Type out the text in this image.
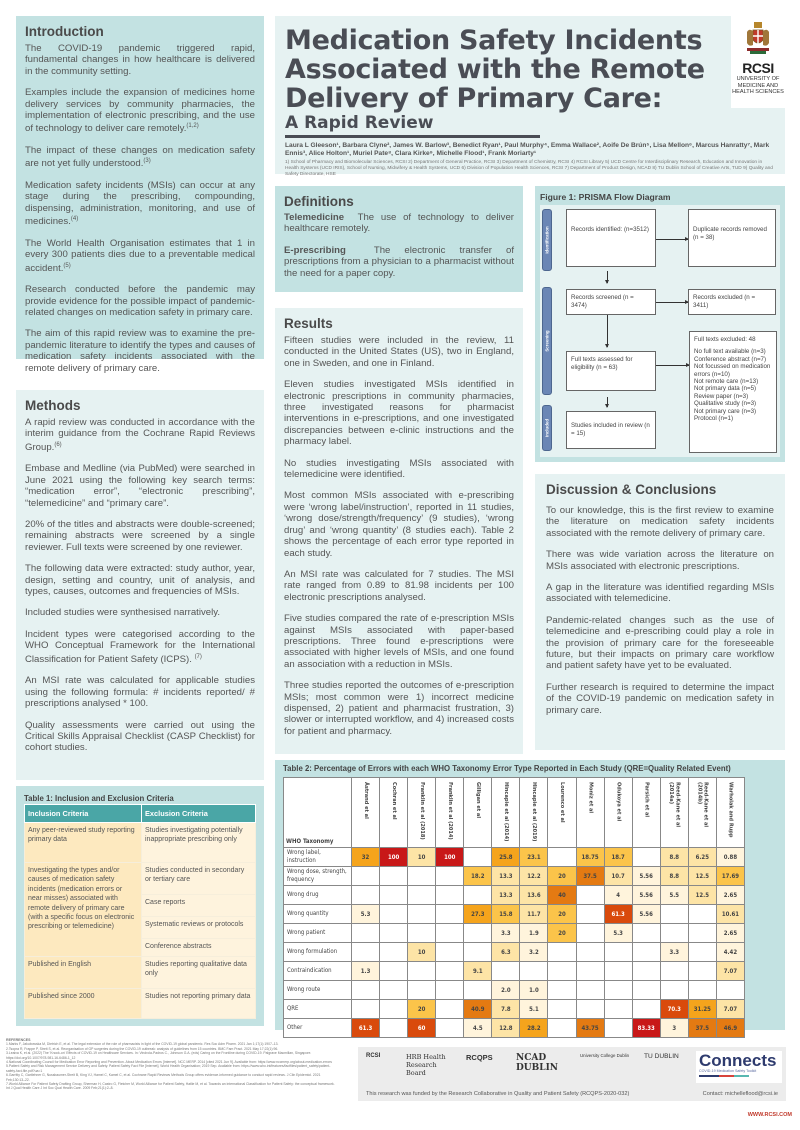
Introduction

The COVID-19 pandemic triggered rapid, fundamental changes in how healthcare is delivered in the community setting.

Examples include the expansion of medicines home delivery services by community pharmacies, the implementation of electronic prescribing, and the use of technology to deliver care remotely.$^{(1,2)}$

The impact of these changes on medication safety are not yet fully understood.$^{(3)}$

Medication safety incidents (MSIs) can occur at any stage during the prescribing, compounding, dispensing, administration, monitoring, and use of medicines.$^{(4)}$

The World Health Organisation estimates that 1 in every 300 patients dies due to a preventable medical accident.$^{(5)}$

Research conducted before the pandemic may provide evidence for the possible impact of pandemic-related changes on medication safety in primary care.

The aim of this rapid review was to examine the pre-pandemic literature to identify the types and causes of medication safety incidents associated with the remote delivery of primary care.

Methods

A rapid review was conducted in accordance with the interim guidance from the Cochrane Rapid Reviews Group.$^{(6)}$

Embase and Medline (via PubMed) were searched in June 2021 using the following key search terms: “medication error”, “electronic prescribing”, “telemedicine” and “primary care”.

20% of the titles and abstracts were double-screened; remaining abstracts were screened by a single reviewer. Full texts were screened by one reviewer.

The following data were extracted: study author, year, design, setting and country, unit of analysis, and types, causes, outcomes and frequencies of MSIs.

Included studies were synthesised narratively.

Incident types were categorised according to the WHO Conceptual Framework for the International Classification for Patient Safety (ICPS). $^{(7)}$

An MSI rate was calculated for applicable studies using the following formula: # incidents reported/ # prescriptions analysed * 100.

Quality assessments were carried out using the Critical Skills Appraisal Checklist (CASP Checklist) for cohort studies.

Table 1: Inclusion and Exclusion Criteria
Inclusion Criteria	Exclusion Criteria
Any peer-reviewed study reporting primary data	Studies investigating potentially inappropriate prescribing only
Investigating the types and/or causes of medication safety incidents (medication errors or near misses) associated with remote delivery of primary care (with a specific focus on electronic prescribing or telemedicine)	Studies conducted in secondary or tertiary care
	Case reports
	Systematic reviews or protocols
	Conference abstracts
Published in English	Studies reporting qualitative data only
Published since 2000	Studies not reporting primary data
Medication Safety Incidents Associated with the Remote Delivery of Primary Care:
A Rapid Review
Laura L Gleeson¹, Barbara Clyne², James W. Barlow³, Benedict Ryan¹, Paul Murphy⁴, Emma Wallace², Aoife De Brún⁵, Lisa Mellon⁶, Marcus Hanratty⁷, Mark Ennis³, Alice Holton¹, Muriel Pate⁸, Clara Kirke⁹, Michelle Flood¹, Frank Moriarty¹
1) School of Pharmacy and Biomolecular Sciences, RCSI 2) Department of General Practice, RCSI 3) Department of Chemistry, RCSI 4) RCSI Library 5) UCD Centre for Interdisciplinary Research, Education and Innovation in Health Systems (UCD IRIS), School of Nursing, Midwifery & Health Systems, UCD 6) Division of Population Health Sciences, RCSI 7) Department of Product Design, NCAD 8) TU Dublin School of Creative Arts, TUD 9) Quality and Safety Directorate, HSE
RCSI
UNIVERSITY OF MEDICINE AND HEALTH SCIENCES
Definitions

Telemedicine The use of technology to deliver healthcare remotely.

E-prescribing	The electronic transfer of prescriptions from a physician to a pharmacist without the need for a paper copy.

Results

Fifteen studies were included in the review, 11 conducted in the United States (US), two in England, one in Sweden, and one in Finland.

Eleven studies investigated MSIs identified in electronic prescriptions in community pharmacies, three investigated reasons for pharmacist interventions in e-prescriptions, and one investigated discrepancies between e-clinic instructions and the pharmacy label.

No studies investigating MSIs associated with telemedicine were identified.

Most common MSIs associated with e-prescribing were ‘wrong label/instruction’, reported in 11 studies, ‘wrong dose/strength/frequency’ (9 studies), ‘wrong drug’ and ‘wrong quantity’ (8 studies each). Table 2 shows the percentage of each error type reported in each study.

An MSI rate was calculated for 7 studies. The MSI rate ranged from 0.89 to 81.98 incidents per 100 electronic prescriptions analysed.

Five studies compared the rate of e-prescription MSIs against MSIs associated with paper-based prescriptions. Three found e-prescriptions were associated with higher levels of MSIs, and one found an association with a reduction in MSIs.

Three studies reported the outcomes of e-prescription MSIs; most common were 1) incorrect medicine dispensed, 2) patient and pharmacist frustration, 3) slower or interrupted workflow, and 4) increased costs for patient and pharmacy.

Figure 1: PRISMA Flow Diagram
Identification
Screening
Included
Records identified: (n=3512)	Duplicate records removed (n = 38)
Records screened (n = 3474)
Records excluded (n = 3411)
Full texts assessed for eligibility (n = 63)
Full texts excluded: 48
No full text available (n=3)
Conference abstract (n=7)
Not focussed on medication errors (n=10)
Not remote care (n=13)
Not primary data (n=5)
Review paper (n=3)
Qualitative study (n=3)
Not primary care (n=3)
Protocol (n=1)
Studies included in review (n = 15)
Discussion & Conclusions

To our knowledge, this is the first review to examine the literature on medication safety incidents associated with the remote delivery of primary care.

There was wide variation across the literature on MSIs associated with electronic prescriptions.

A gap in the literature was identified regarding MSIs associated with telemedicine.

Pandemic-related changes such as the use of telemedicine and e-prescribing could play a role in the provision of primary care for the foreseeable future, but their impacts on primary care workflow and patient safety have yet to be evaluated.

Further research is required to determine the impact of the COVID-19 pandemic on medication safety in primary care.

Table 2: Percentage of Errors with each WHO Taxonomy Error Type Reported in Each Study (QRE=Quality Related Event)
WHO Taxonomy	Åstrand et al	Cochran et al	Franklin et al (2018)	Franklin et al (2014)	Gilligan et al	Hincapie et al (2014)	Hincapie et al (2019)	Lourenco et al	Moniz et al	Odukoya et al	Parsich et al	Reed-Kane et al (2014a)	Reed-Kane et al (2014b)	Warholak and Rupp

Wrong label, instruction	32	100	10	100		25.8	23.1		18.75	18.7		8.8	6.25	0.88
Wrong dose, strength, frequency					18.2	13.3	12.2	20	37.5	10.7	5.56	8.8	12.5	17.69
Wrong drug						13.3	13.6	40		4	5.56	5.5	12.5	2.65
Wrong quantity	5.3				27.3	15.8	11.7	20		61.3	5.56			10.61
Wrong patient						3.3	1.9	20		5.3				2.65
Wrong formulation			10			6.3	3.2					3.3		4.42
Contraindication	1.3				9.1									7.07
Wrong route						2.0	1.0							
QRE			20		40.9	7.8	5.1					70.3	31.25	7.07
Other	61.3		60		4.5	12.8	28.2		43.75		83.33	3	37.5	46.9
REFERENCES
1.Marks F, Jakubowska M, Dietrich E, et al. The legal extension of the role of pharmacists in light of the COVID-19 global pandemic. Res Soc Adm Pharm. 2021 Jan 1;17(1):1907–13.
2.Tsopra R, Frappe P, Streit S, et al. Reorganisation of GP surgeries during the COVID-19 outbreak: analysis of guidelines from 15 countries. BMC Fam Pract. 2021 May 17;22(1):96.
3.Leaiva K, et al. (2022) The 'Knock-on' Effects of COVID-19 on Healthcare Services. In: Vindrola-Padros C., Johnson G.A. (eds) Caring on the Frontline during COVID-19. Palgrave Macmillan, Singapore. https://doi.org/10.1007/978-981-16-6486-1_12
4.National Coordinating Council for Medication Error Reporting and Prevention. About Medication Errors [Internet]. NCC MERP. 2014 [cited 2021 Jun 9]. Available from: https://www.nccmerp.org/about-medication-errors
5.Patient Safety and Risk Management Service Delivery and Safety. Patient Safety Fact File [Internet]. World Health Organisation; 2019 Sep. Available from: https://www.who.int/features/factfiles/patient_safety/patient-safety-fact-file.pdf?ua=1
6.Garritty C, Gartlehner G, Nussbaumer-Streit B, King VJ, Hamel C, Kamel C, et al. Cochrane Rapid Reviews Methods Group offers evidence-informed guidance to conduct rapid reviews. J Clin Epidemiol. 2021 Feb;130:13–22.
7.World Alliance For Patient Safety Drafting Group, Sherman H, Castro G, Fletcher M, World Alliance for Patient Safety, Hatlie M, et al. Towards an international Classification for Patient Safety: the conceptual framework. Int J Qual Health Care J Int Soc Qual Health Care. 2009 Feb;21(1):2–8.
RCSI	HRB Health Research Board
RCQPS	NCAD DUBLIN
University College Dublin TU DUBLIN	Connects
COVID-19 Medication Safety Toolkit
This research was funded by the Research Collaborative in Quality and Patient Safety (RCQPS-2020-032)	Contact: michelleflood@rcsi.ie
WWW.RCSI.COM
